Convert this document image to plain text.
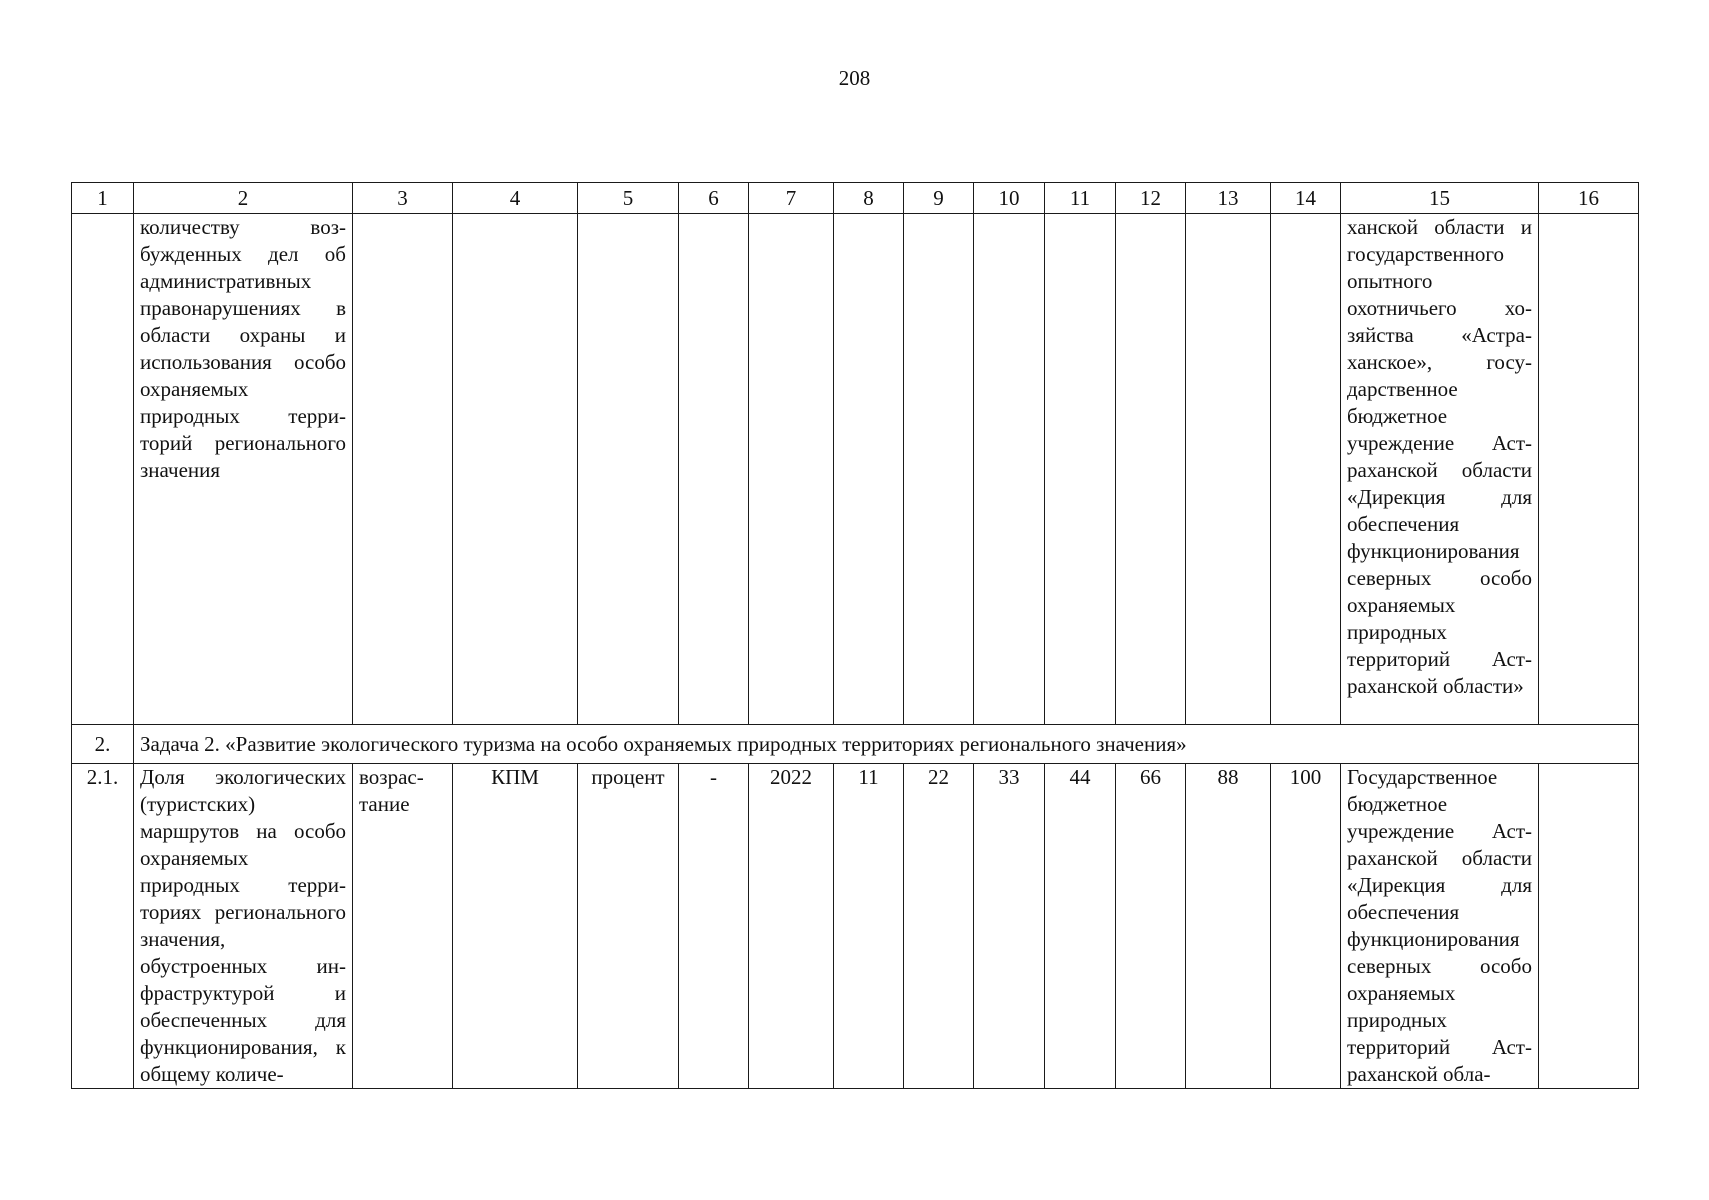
208
1	2	3	4	5	6	7	8	9	10	11	12	13	14	15	16
	количеству возбужденных дел об административных правонарушениях в области охраны и использования особо охраняемых природных территорий регионального значения													ханской области и государственного опытного охотничьего хозяйства «Астраханское», государственное бюджетное учреждение Астраханской области «Дирекция для обеспечения функционирования северных особо охраняемых природных территорий Астраханской области»	
2.	Задача 2. «Развитие экологического туризма на особо охраняемых природных территориях регионального значения»														
2.1.	Доля экологических (туристских) маршрутов на особо охраняемых природных территориях регионального значения, обустроенных инфраструктурой и обеспеченных для функционирования, к общему количе-	возрастание	КПМ	процент	-	2022	11	22	33	44	66	88	100	Государственное бюджетное учреждение Астраханской области «Дирекция для обеспечения функционирования северных особо охраняемых природных территорий Астраханской обла-	
